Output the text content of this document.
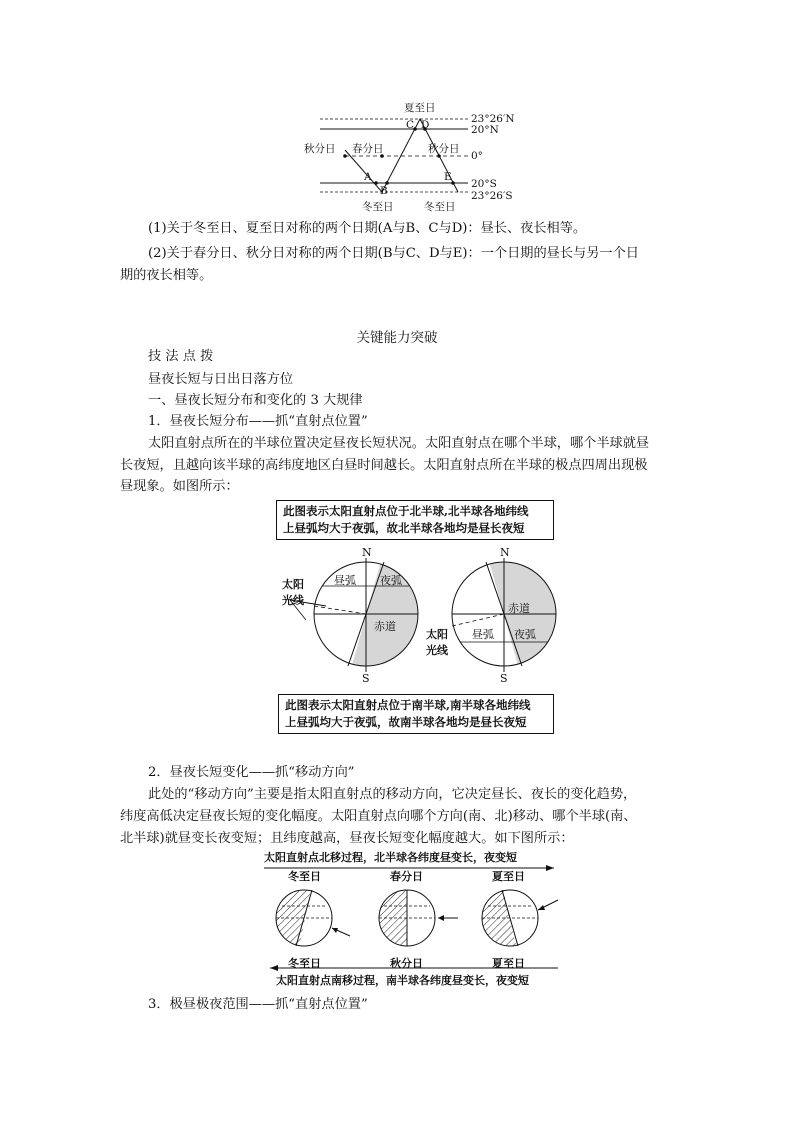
夏至日
23°26′N
20°N
0°
20°S
23°26′S
秋分日 春分日	秋分日
冬至日	冬至日
A
B
C D
E
(1)关于冬至日、夏至日对称的两个日期(A与B、C与D)：昼长、夜长相等。
(2)关于春分日、秋分日对称的两个日期(B与C、D与E)：一个日期的昼长与另一个日
期的夜长相等。
关键能力突破
技 法 点 拨
昼夜长短与日出日落方位
一、昼夜长短分布和变化的 3 大规律
1．昼夜长短分布——抓“直射点位置”
太阳直射点所在的半球位置决定昼夜长短状况。太阳直射点在哪个半球，哪个半球就昼
长夜短，且越向该半球的高纬度地区白昼时间越长。太阳直射点所在半球的极点四周出现极
昼现象。如图所示：
此图表示太阳直射点位于北半球,北半球各地纬线
上昼弧均大于夜弧，故北半球各地均是昼长夜短
N
S
昼弧 夜弧
赤道
太阳
光线
N
S
赤道
昼弧 夜弧
太阳
光线
此图表示太阳直射点位于南半球,南半球各地纬线
上昼弧均大于夜弧，故南半球各地均是昼长夜短
2．昼夜长短变化——抓“移动方向”
此处的“移动方向”主要是指太阳直射点的移动方向，它决定昼长、夜长的变化趋势，
纬度高低决定昼夜长短的变化幅度。太阳直射点向哪个方向(南、北)移动、哪个半球(南、
北半球)就昼变长夜变短；且纬度越高，昼夜长短变化幅度越大。如下图所示：
太阳直射点北移过程，北半球各纬度昼变长，夜变短
冬至日	春分日	夏至日
冬至日	秋分日	夏至日
太阳直射点南移过程，南半球各纬度昼变长，夜变短
3．极昼极夜范围——抓“直射点位置”
